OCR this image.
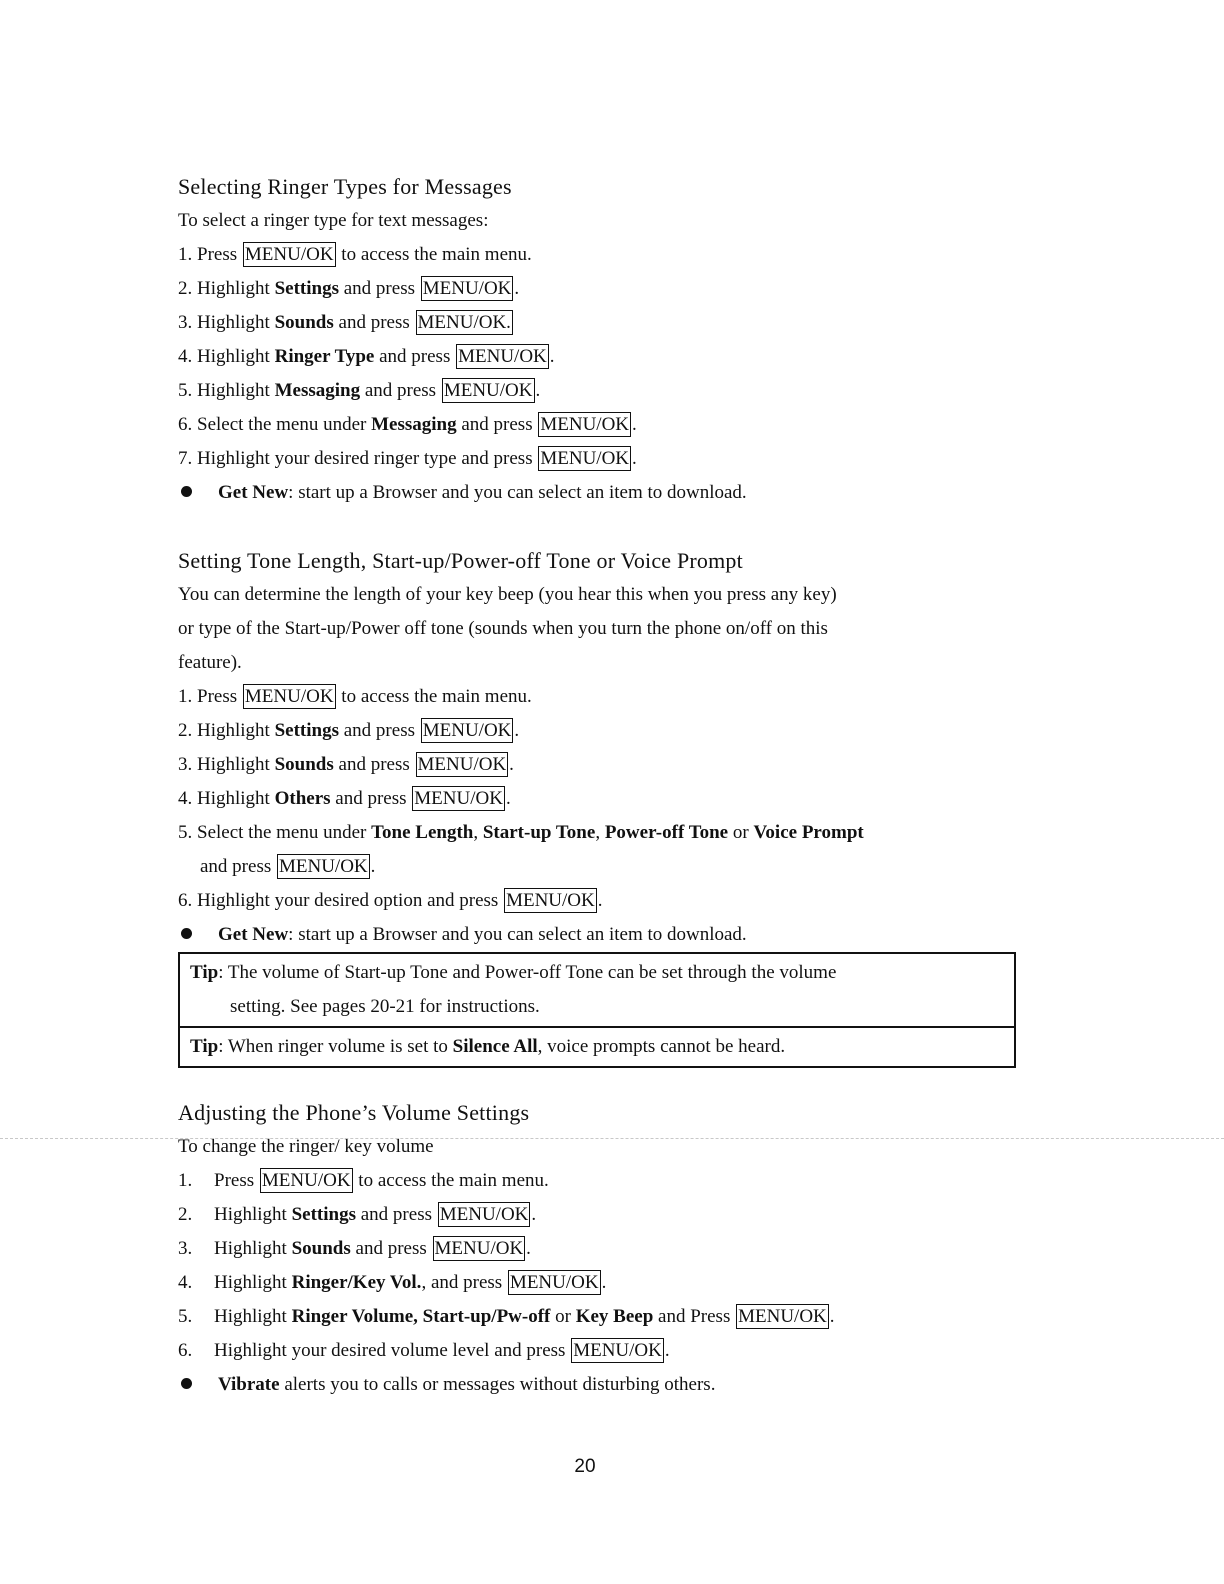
Selecting Ringer Types for Messages
To select a ringer type for text messages:
1. Press MENU/OK to access the main menu.
2. Highlight Settings and press MENU/OK .
3. Highlight Sounds and press MENU/OK.
4. Highlight Ringer Type and press MENU/OK .
5. Highlight Messaging and press MENU/OK .
6. Select the menu under Messaging and press MENU/OK .
7. Highlight your desired ringer type and press MENU/OK .
Get New: start up a Browser and you can select an item to download.
Setting Tone Length, Start-up/Power-off Tone or Voice Prompt
You can determine the length of your key beep (you hear this when you press any key)
or type of the Start-up/Power off tone (sounds when you turn the phone on/off on this
feature).
1. Press MENU/OK to access the main menu.
2. Highlight Settings and press MENU/OK .
3. Highlight Sounds and press MENU/OK .
4. Highlight Others and press MENU/OK .
5. Select the menu under Tone Length, Start-up Tone, Power-off Tone or Voice Prompt
and press MENU/OK .
6. Highlight your desired option and press MENU/OK .
Get New: start up a Browser and you can select an item to download.
Tip: The volume of Start-up Tone and Power-off Tone can be set through the volume
setting. See pages 20-21 for instructions.
Tip: When ringer volume is set to Silence All, voice prompts cannot be heard.
Adjusting the Phone’s Volume Settings
To change the ringer/ key volume
1. Press MENU/OK to access the main menu.
2. Highlight Settings and press MENU/OK .
3. Highlight Sounds and press MENU/OK .
4. Highlight Ringer/Key Vol., and press MENU/OK .
5. Highlight Ringer Volume, Start-up/Pw-off or Key Beep and Press MENU/OK .
6. Highlight your desired volume level and press MENU/OK .
Vibrate alerts you to calls or messages without disturbing others.
20
